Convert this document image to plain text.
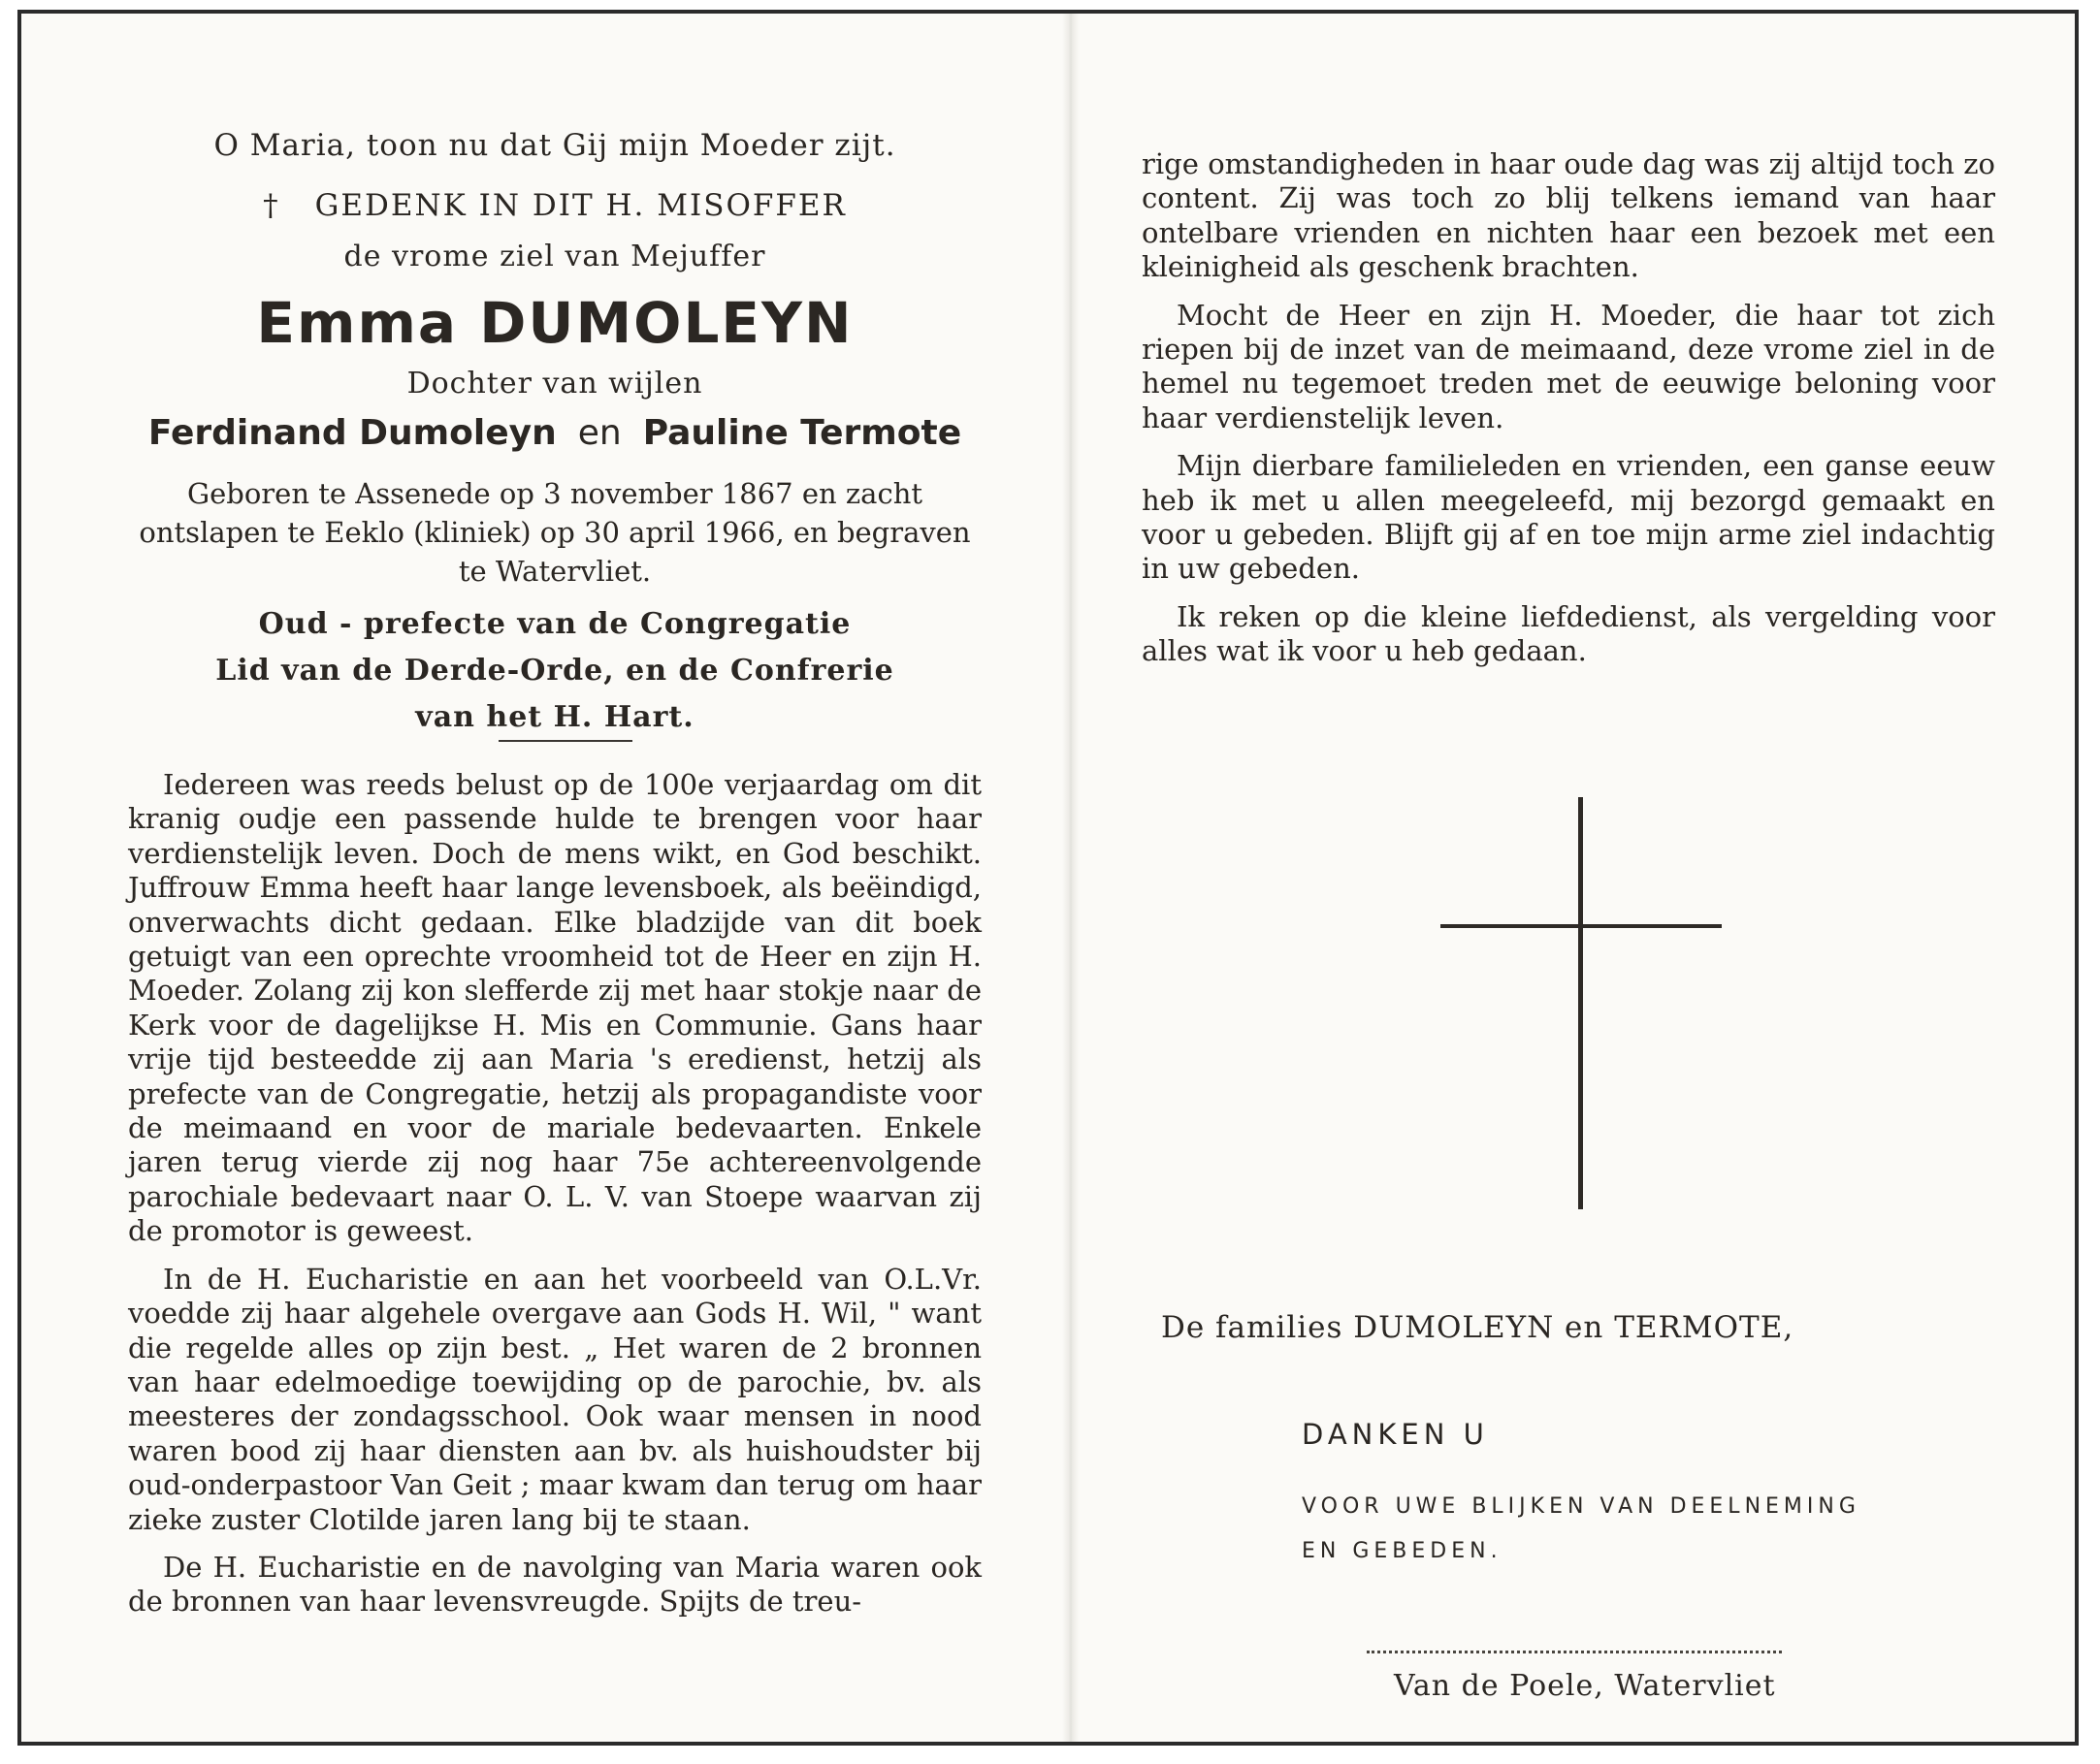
O Maria, toon nu dat Gij mijn Moeder zijt.
† GEDENK IN DIT H. MISOFFER
de vrome ziel van Mejuffer
Emma DUMOLEYN
Dochter van wijlen
Ferdinand Dumoleyn en Pauline Termote
Geboren te Assenede op 3 november 1867 en zacht ontslapen te Eeklo (kliniek) op 30 april 1966, en begraven te Watervliet.
Oud - prefecte van de Congregatie
Lid van de Derde-Orde, en de Confrerie
van het H. Hart.

Iedereen was reeds belust op de 100e verjaardag om dit kranig oudje een passende hulde te brengen voor haar verdienstelijk leven. Doch de mens wikt, en God beschikt. Juffrouw Emma heeft haar lange levensboek, als beëindigd, onverwachts dicht gedaan. Elke bladzijde van dit boek getuigt van een oprechte vroomheid tot de Heer en zijn H. Moeder. Zolang zij kon slefferde zij met haar stokje naar de Kerk voor de dagelijkse H. Mis en Communie. Gans haar vrije tijd besteedde zij aan Maria 's eredienst, hetzij als prefecte van de Congregatie, hetzij als propagandiste voor de meimaand en voor de mariale bedevaarten. Enkele jaren terug vierde zij nog haar 75e achtereenvolgende parochiale bedevaart naar O. L. V. van Stoepe waarvan zij de promotor is geweest.

In de H. Eucharistie en aan het voorbeeld van O.L.Vr. voedde zij haar algehele overgave aan Gods H. Wil, " want die regelde alles op zijn best. „ Het waren de 2 bronnen van haar edelmoedige toewijding op de parochie, bv. als meesteres der zondagsschool. Ook waar mensen in nood waren bood zij haar diensten aan bv. als huishoudster bij oud-onderpastoor Van Geit ; maar kwam dan terug om haar zieke zuster Clotilde jaren lang bij te staan.

De H. Eucharistie en de navolging van Maria waren ook de bronnen van haar levensvreugde. Spijts de treu-

rige omstandigheden in haar oude dag was zij altijd toch zo content. Zij was toch zo blij telkens iemand van haar ontelbare vrienden en nichten haar een bezoek met een kleinigheid als geschenk brachten.

Mocht de Heer en zijn H. Moeder, die haar tot zich riepen bij de inzet van de meimaand, deze vrome ziel in de hemel nu tegemoet treden met de eeuwige beloning voor haar verdienstelijk leven.

Mijn dierbare familieleden en vrienden, een ganse eeuw heb ik met u allen meegeleefd, mij bezorgd gemaakt en voor u gebeden. Blijft gij af en toe mijn arme ziel indachtig in uw gebeden.

Ik reken op die kleine liefdedienst, als vergelding voor alles wat ik voor u heb gedaan.

De families DUMOLEYN en TERMOTE,
DANKEN U
VOOR UWE BLIJKEN VAN DEELNEMING
EN GEBEDEN.
Van de Poele, Watervliet
